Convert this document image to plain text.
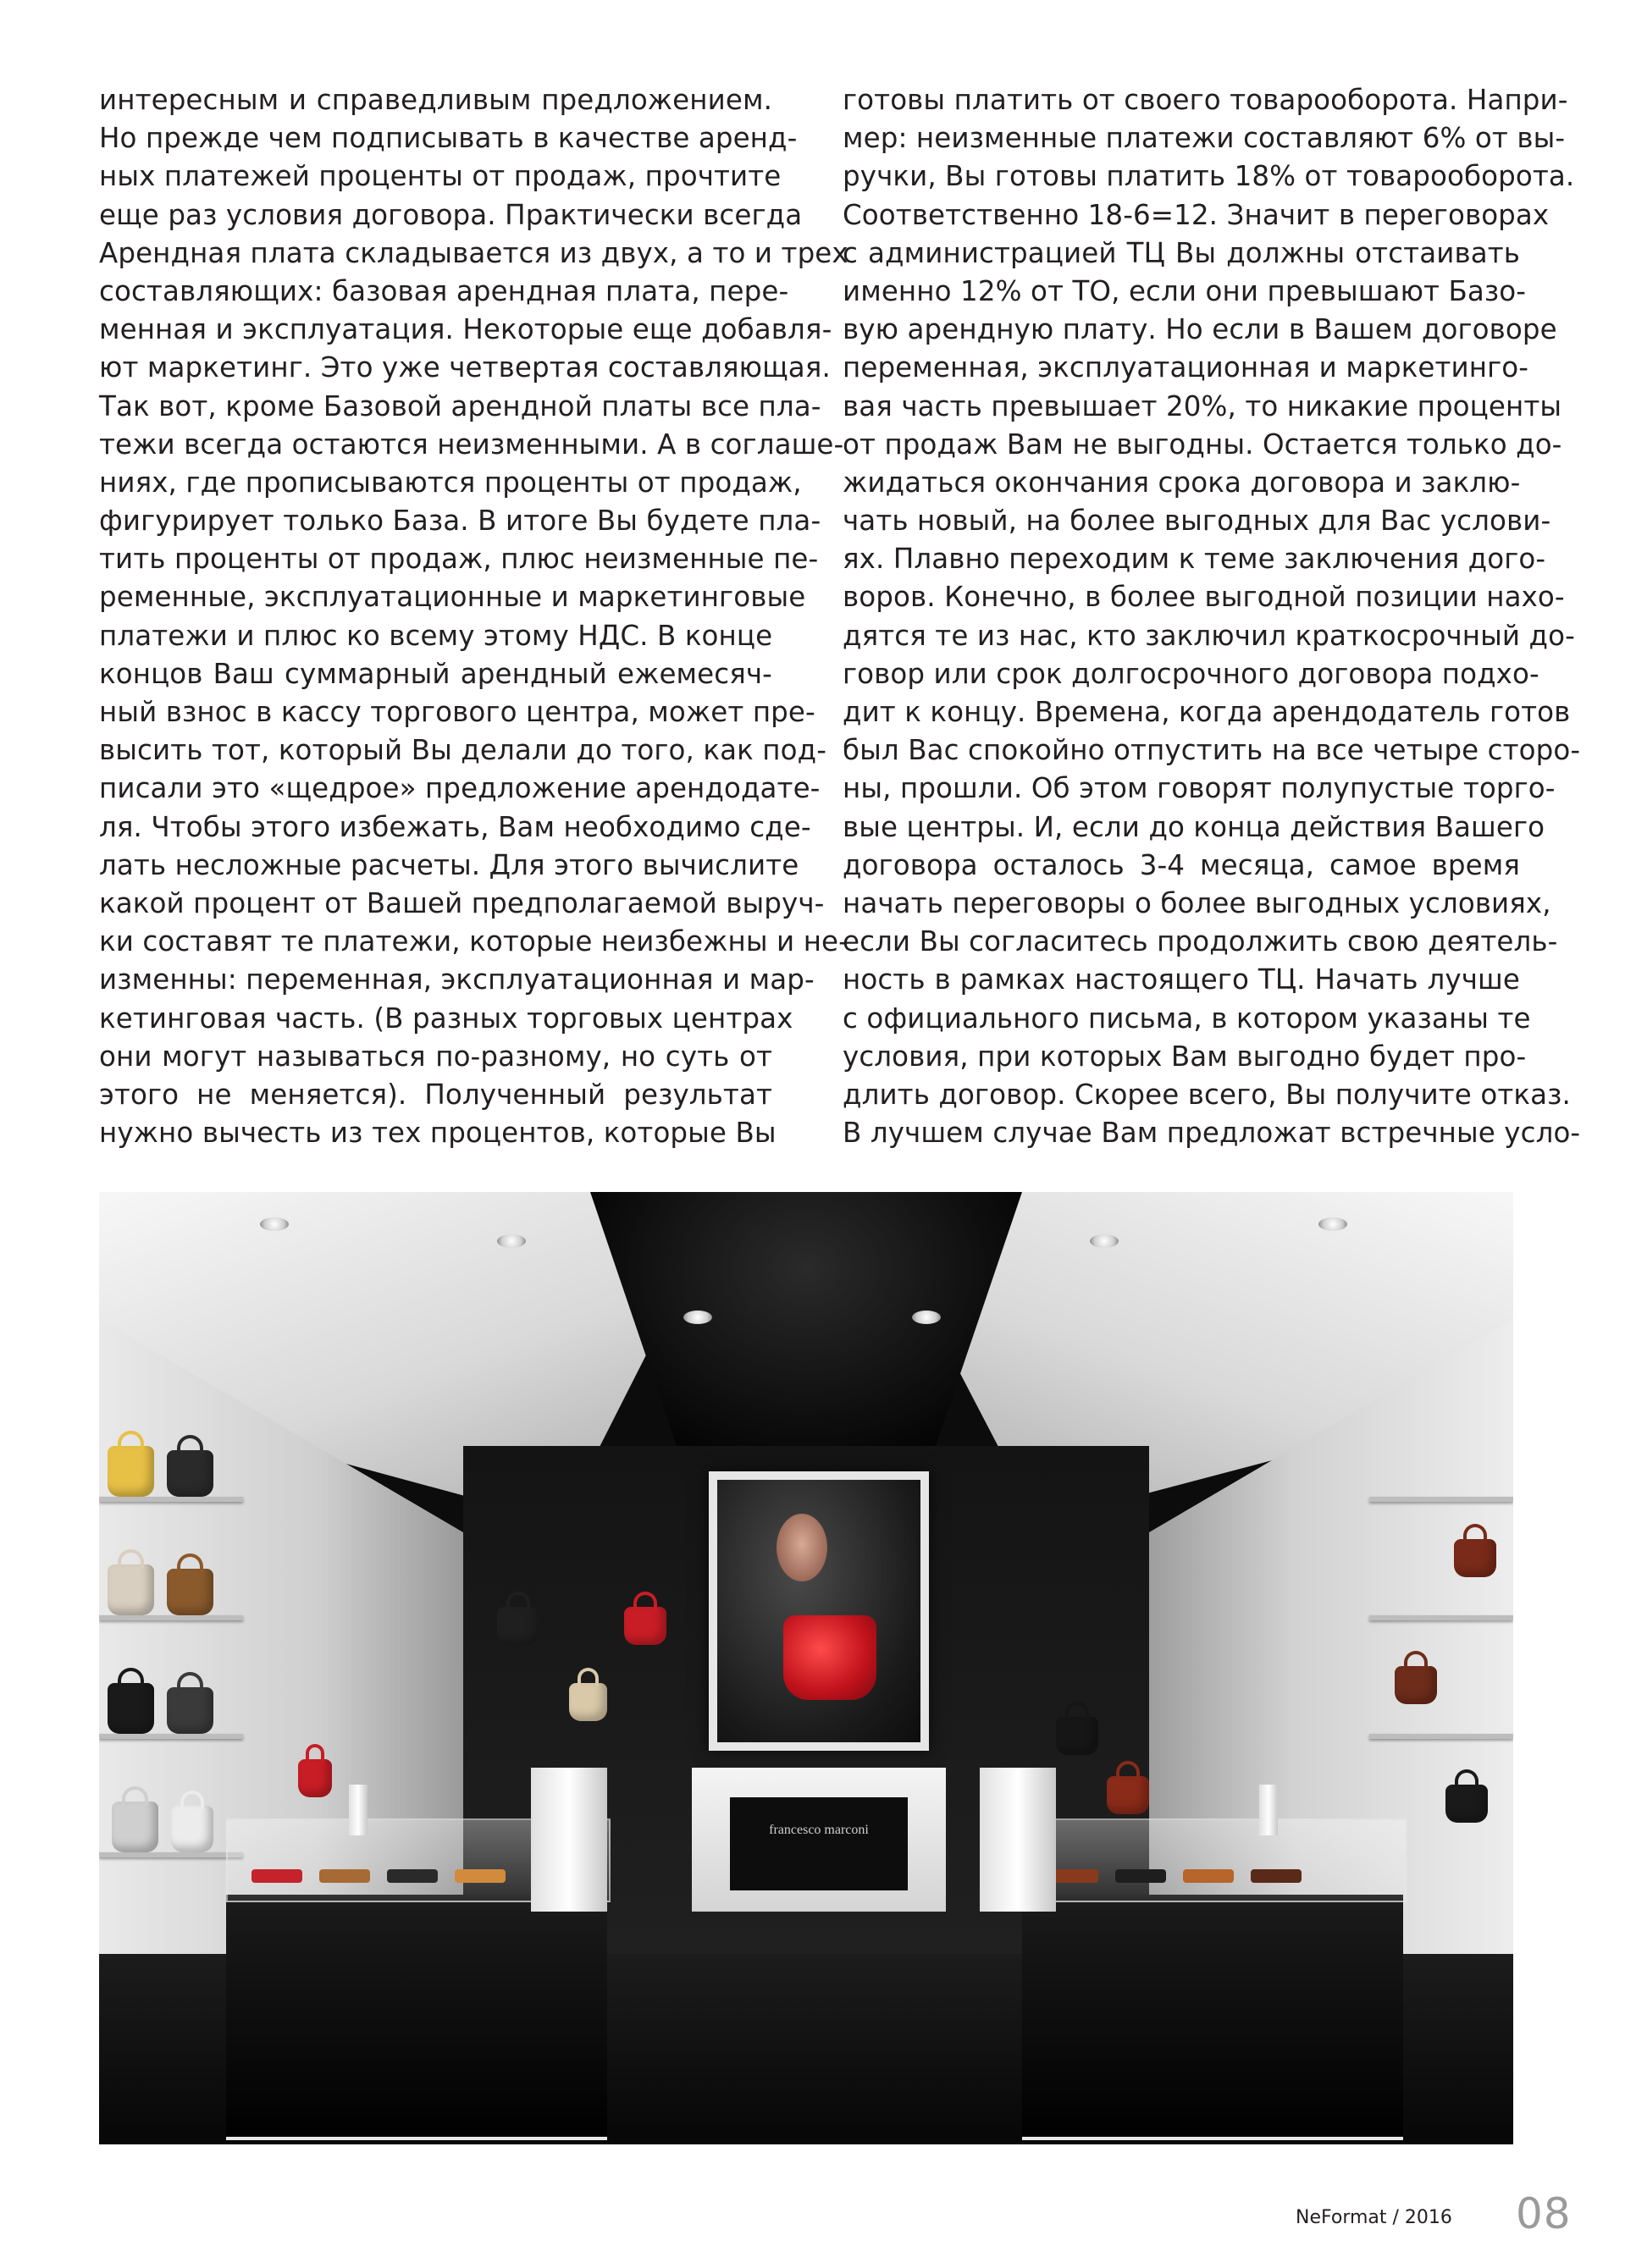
интересным и справедливым предложением.
Но прежде чем подписывать в качестве аренд-
ных платежей проценты от продаж, прочтите
еще раз условия договора. Практически всегда
Арендная плата складывается из двух, а то и трех
составляющих: базовая арендная плата, пере-
менная и эксплуатация. Некоторые еще добавля-
ют маркетинг. Это уже четвертая составляющая.
Так вот, кроме Базовой арендной платы все пла-
тежи всегда остаются неизменными. А в соглаше-
ниях, где прописываются проценты от продаж,
фигурирует только База. В итоге Вы будете пла-
тить проценты от продаж, плюс неизменные пе-
ременные, эксплуатационные и маркетинговые
платежи и плюс ко всему этому НДС. В конце
концов Ваш суммарный арендный ежемесяч-
ный взнос в кассу торгового центра, может пре-
высить тот, который Вы делали до того, как под-
писали это «щедрое» предложение арендодате-
ля. Чтобы этого избежать, Вам необходимо сде-
лать несложные расчеты. Для этого вычислите
какой процент от Вашей предполагаемой выруч-
ки составят те платежи, которые неизбежны и не-
изменны: переменная, эксплуатационная и мар-
кетинговая часть. (В разных торговых центрах
они могут называться по-разному, но суть от
этого не меняется). Полученный результат
нужно вычесть из тех процентов, которые Вы
готовы платить от своего товарооборота. Напри-
мер: неизменные платежи составляют 6% от вы-
ручки, Вы готовы платить 18% от товарооборота.
Соответственно 18-6=12. Значит в переговорах
с администрацией ТЦ Вы должны отстаивать
именно 12% от ТО, если они превышают Базо-
вую арендную плату. Но если в Вашем договоре
переменная, эксплуатационная и маркетинго-
вая часть превышает 20%, то никакие проценты
от продаж Вам не выгодны. Остается только до-
жидаться окончания срока договора и заклю-
чать новый, на более выгодных для Вас услови-
ях. Плавно переходим к теме заключения дого-
воров. Конечно, в более выгодной позиции нахо-
дятся те из нас, кто заключил краткосрочный до-
говор или срок долгосрочного договора подхо-
дит к концу. Времена, когда арендодатель готов
был Вас спокойно отпустить на все четыре сторо-
ны, прошли. Об этом говорят полупустые торго-
вые центры. И, если до конца действия Вашего
договора осталось 3-4 месяца, самое время
начать переговоры о более выгодных условиях,
если Вы согласитесь продолжить свою деятель-
ность в рамках настоящего ТЦ. Начать лучше
с официального письма, в котором указаны те
условия, при которых Вам выгодно будет про-
длить договор. Скорее всего, Вы получите отказ.
В лучшем случае Вам предложат встречные усло-
francesco marconi
NeFormat / 2016 08
